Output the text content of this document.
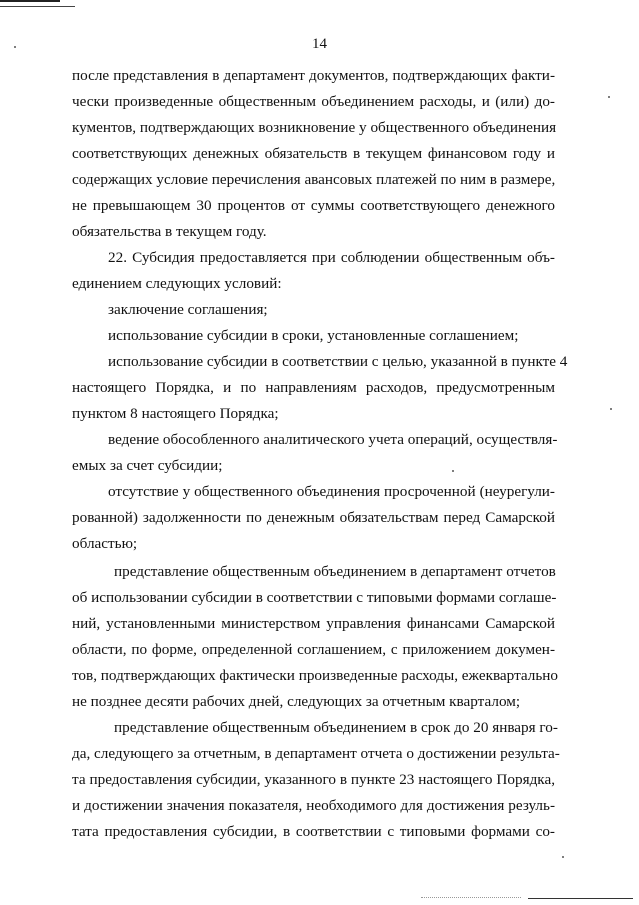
14
после представления в департамент документов, подтверждающих факти-
чески произведенные общественным объединением расходы, и (или) до-
кументов, подтверждающих возникновение у общественного объединения
соответствующих денежных обязательств в текущем финансовом году и
содержащих условие перечисления авансовых платежей по ним в размере,
не превышающем 30 процентов от суммы соответствующего денежного
обязательства в текущем году.
22. Субсидия предоставляется при соблюдении общественным объ-
единением следующих условий:
заключение соглашения;
использование субсидии в сроки, установленные соглашением;
использование субсидии в соответствии с целью, указанной в пункте 4
настоящего Порядка, и по направлениям расходов, предусмотренным
пунктом 8 настоящего Порядка;
ведение обособленного аналитического учета операций, осуществля-
емых за счет субсидии;
отсутствие у общественного объединения просроченной (неурегули-
рованной) задолженности по денежным обязательствам перед Самарской
областью;
представление общественным объединением в департамент отчетов
об использовании субсидии в соответствии с типовыми формами соглаше-
ний, установленными министерством управления финансами Самарской
области, по форме, определенной соглашением, с приложением докумен-
тов, подтверждающих фактически произведенные расходы, ежеквартально
не позднее десяти рабочих дней, следующих за отчетным кварталом;
представление общественным объединением в срок до 20 января го-
да, следующего за отчетным, в департамент отчета о достижении результа-
та предоставления субсидии, указанного в пункте 23 настоящего Порядка,
и достижении значения показателя, необходимого для достижения резуль-
тата предоставления субсидии, в соответствии с типовыми формами со-
